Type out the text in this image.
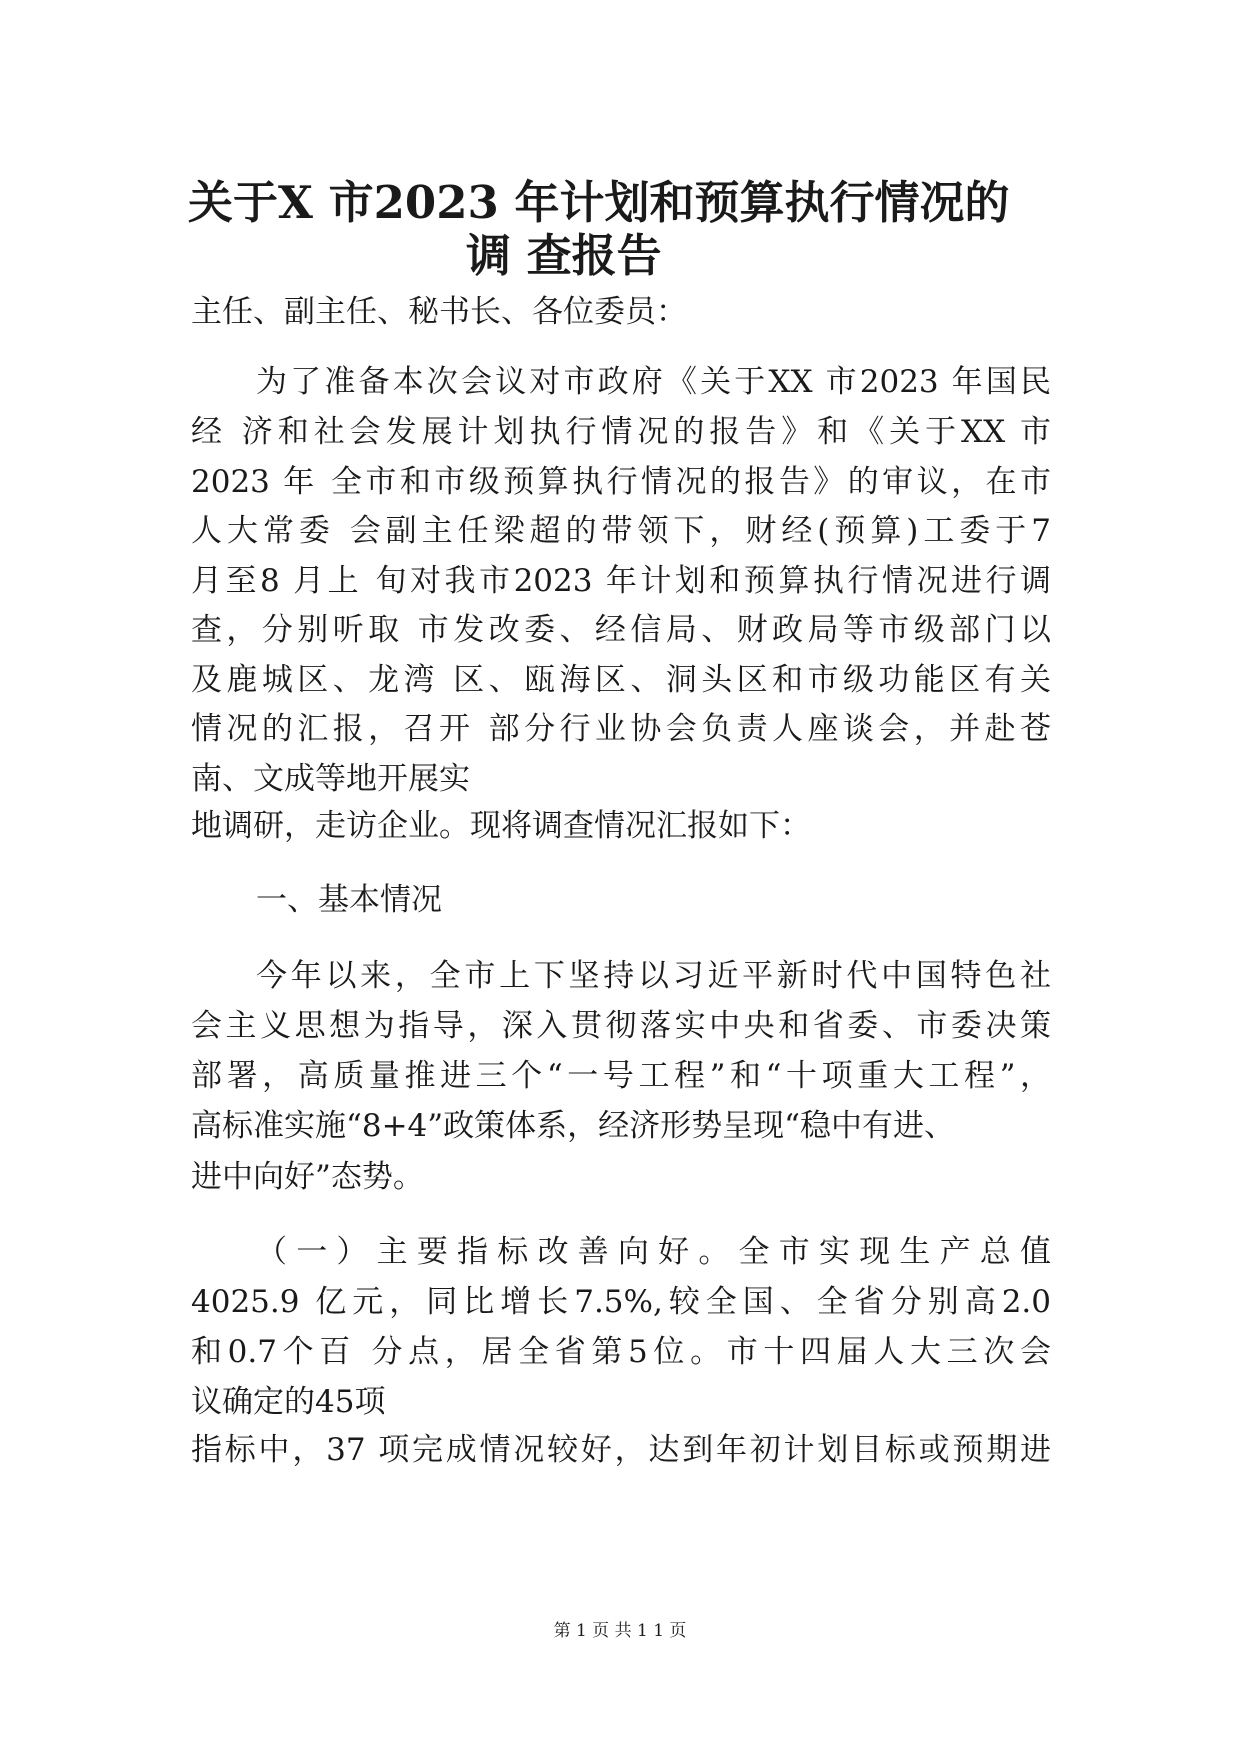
关于X 市2023 年计划和预算执行情况的
调 查报告

主任、副主任、秘书长、各位委员：

为了准备本次会议对市政府《关于XX 市2023 年国民

经 济和社会发展计划执行情况的报告》和《关于XX 市

2023 年 全市和市级预算执行情况的报告》的审议，在市

人大常委 会副主任梁超的带领下，财经(预算)工委于7

月至8 月上 旬对我市2023 年计划和预算执行情况进行调

查，分别听取 市发改委、经信局、财政局等市级部门以

及鹿城区、龙湾 区、瓯海区、洞头区和市级功能区有关

情况的汇报，召开 部分行业协会负责人座谈会，并赴苍

南、文成等地开展实

地调研，走访企业。现将调查情况汇报如下：

一、基本情况

今年以来，全市上下坚持以习近平新时代中国特色社

会主义思想为指导，深入贯彻落实中央和省委、市委决策

部署，高质量推进三个“一号工程”和“十项重大工程”，

高标准实施“8+4”政策体系，经济形势呈现“稳中有进、

进中向好”态势。

（一）主要指标改善向好。全市实现生产总值

4025.9 亿元，同比增长7.5%,较全国、全省分别高2.0

和0.7个百 分点，居全省第5位。市十四届人大三次会

议确定的45项

指标中，37 项完成情况较好，达到年初计划目标或预期进

第 1 页 共 1 1 页
